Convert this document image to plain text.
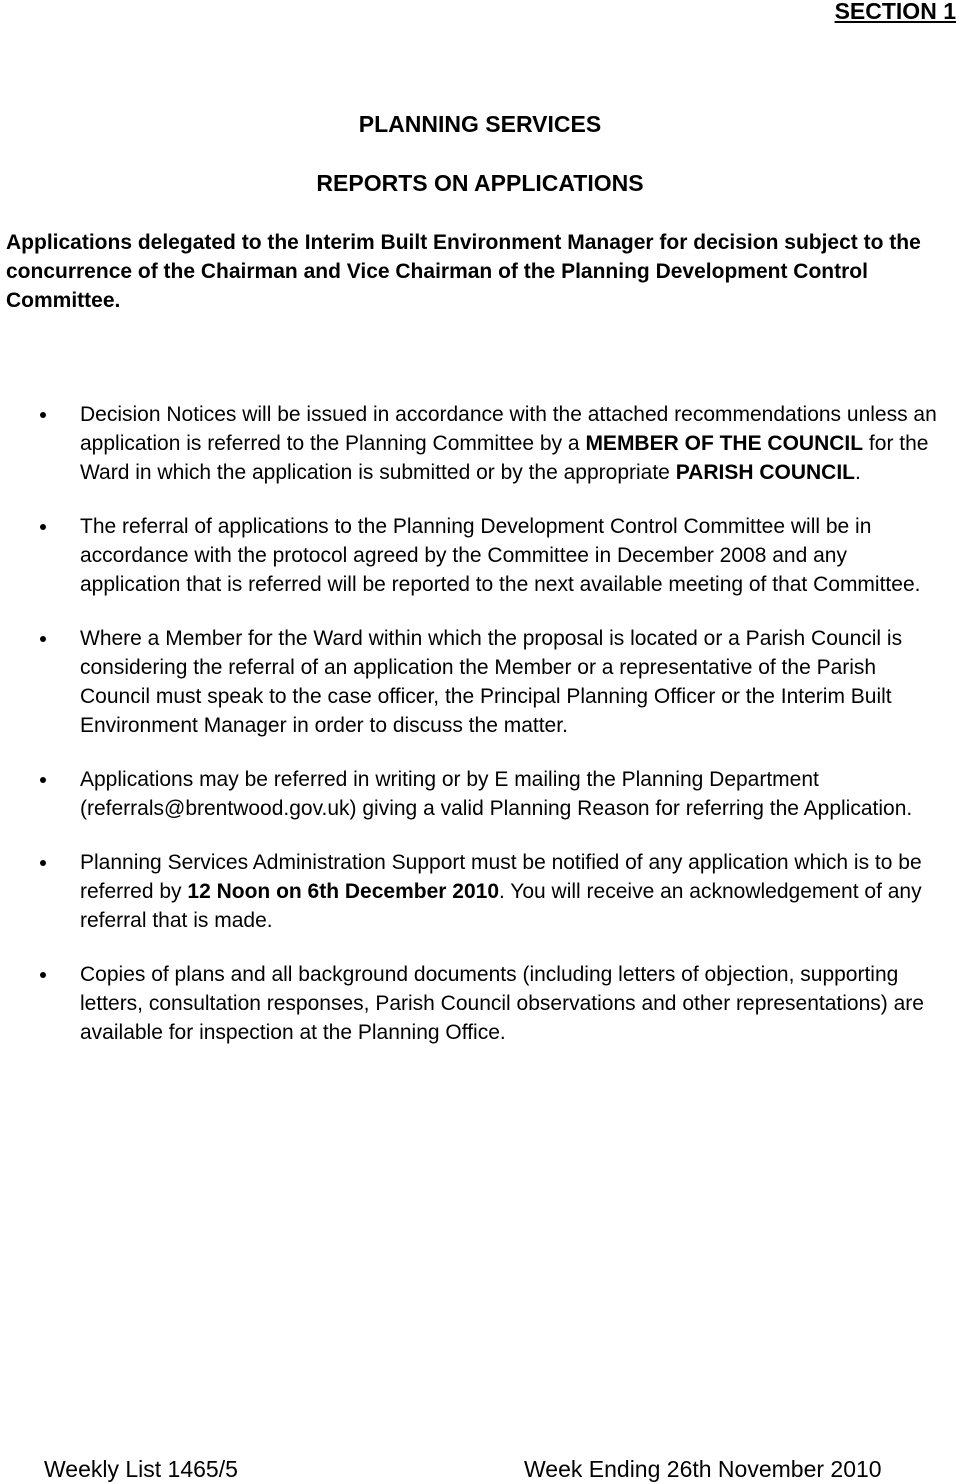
SECTION 1
PLANNING SERVICES
REPORTS ON APPLICATIONS
Applications delegated to the Interim Built Environment Manager for decision subject to the concurrence of the Chairman and Vice Chairman of the Planning Development Control Committee.
Decision Notices will be issued in accordance with the attached recommendations unless an application is referred to the Planning Committee by a MEMBER OF THE COUNCIL for the Ward in which the application is submitted or by the appropriate PARISH COUNCIL.
The referral of applications to the Planning Development Control Committee will be in accordance with the protocol agreed by the Committee in December 2008 and any application that is referred will be reported to the next available meeting of that Committee.
Where a Member for the Ward within which the proposal is located or a Parish Council is considering the referral of an application the Member or a representative of the Parish Council must speak to the case officer, the Principal Planning Officer or the Interim Built Environment Manager in order to discuss the matter.
Applications may be referred in writing or by E mailing the Planning Department (referrals@brentwood.gov.uk) giving a valid Planning Reason for referring the Application.
Planning Services Administration Support must be notified of any application which is to be referred by 12 Noon on 6th December 2010. You will receive an acknowledgement of any referral that is made.
Copies of plans and all background documents (including letters of objection, supporting letters, consultation responses, Parish Council observations and other representations) are available for inspection at the Planning Office.
Weekly List 1465/5	Week Ending 26th November 2010
